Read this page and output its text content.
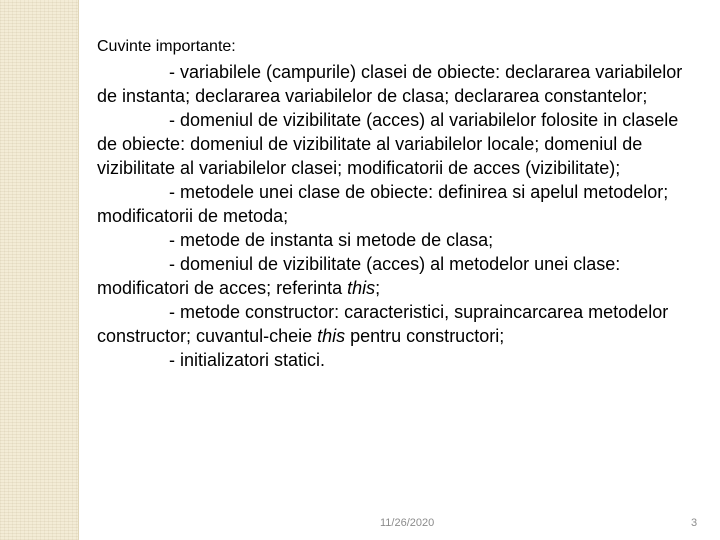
Cuvinte importante:

- variabilele (campurile) clasei de obiecte: declararea variabilelor de instanta; declararea variabilelor de clasa; declararea constantelor;

- domeniul de vizibilitate (acces) al variabilelor folosite in clasele de obiecte: domeniul de vizibilitate al variabilelor locale; domeniul de vizibilitate al variabilelor clasei; modificatorii de acces (vizibilitate);

- metodele unei clase de obiecte: definirea si apelul metodelor; modificatorii de metoda;

- metode de instanta si metode de clasa;

- domeniul de vizibilitate (acces) al metodelor unei clase: modificatori de acces; referinta this;

- metode constructor: caracteristici, supraincarcarea metodelor constructor; cuvantul-cheie this pentru constructori;

- initializatori statici.

11/26/2020	3
